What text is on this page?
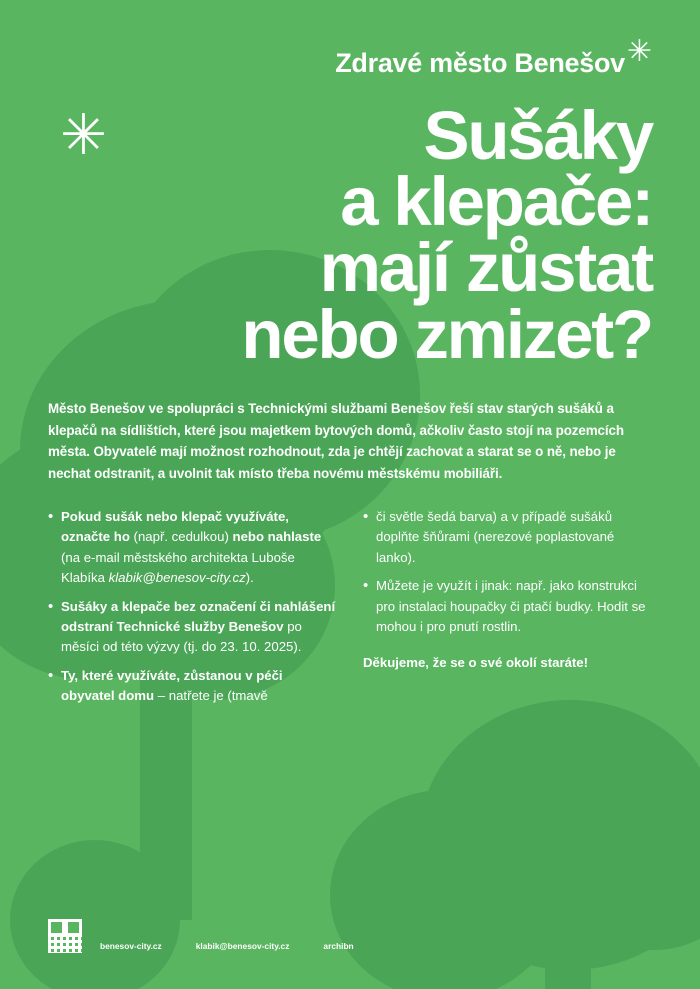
Zdravé město Benešov ✳
✳	Sušáky
a klepače:
mají zůstat
nebo zmizet?

Město Benešov ve spolupráci s Technickými službami Benešov řeší stav starých sušáků a klepačů na sídlištích, které jsou majetkem bytových domů, ačkoliv často stojí na pozemcích města. Obyvatelé mají možnost rozhodnout, zda je chtějí zachovat a starat se o ně, nebo je nechat odstranit, a uvolnit tak místo třeba novému městskému mobiliáři.

• Pokud sušák nebo klepač využíváte, označte ho (např. cedulkou) nebo nahlaste (na e-mail městského architekta Luboše Klabíka klabik@benesov-city.cz).
• Sušáky a klepače bez označení či nahlášení odstraní Technické služby Benešov po měsíci od této výzvy (tj. do 23. 10. 2025).
• Ty, které využíváte, zůstanou v péči obyvatel domu – natřete je (tmavě
• či světle šedá barva) a v případě sušáků doplňte šňůrami (nerezové poplastované lanko).
• Můžete je využít i jinak: např. jako konstrukci pro instalaci houpačky či ptačí budky. Hodit se mohou i pro pnutí rostlin.
Děkujeme, že se o své okolí staráte!
benesov-city.cz	klabik@benesov-city.cz	archibn
